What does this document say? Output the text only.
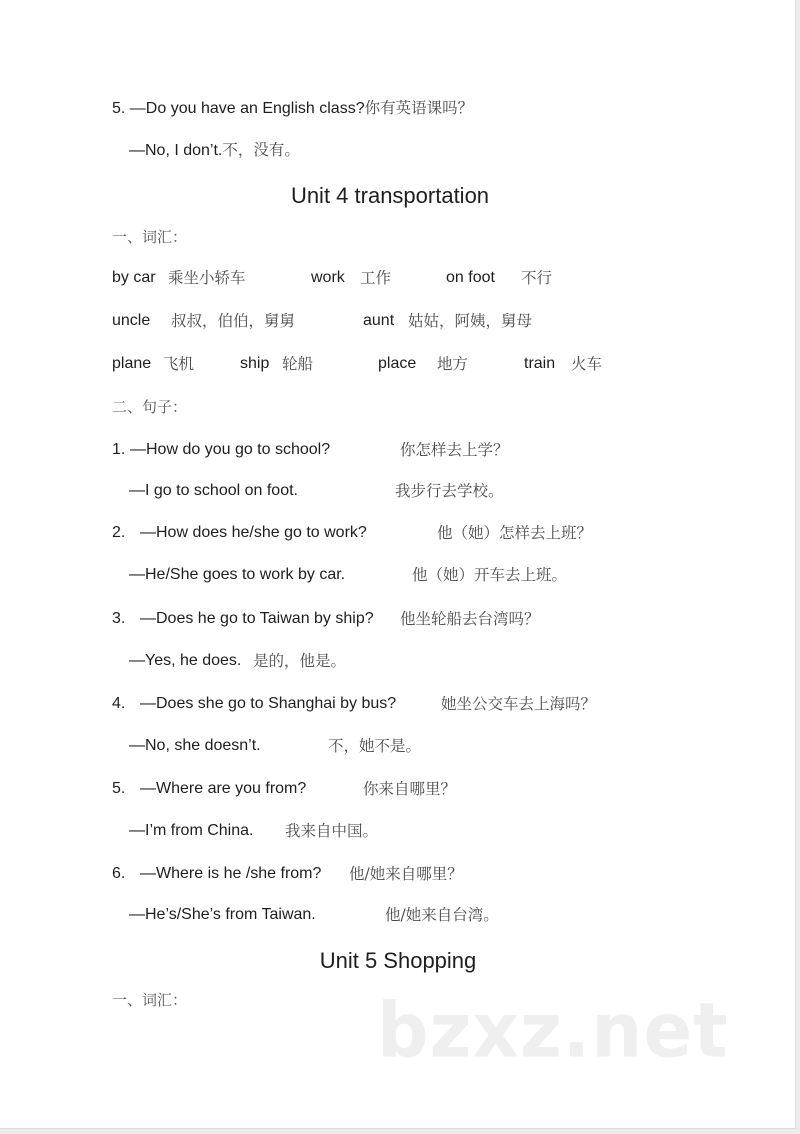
5. —Do you have an English class?你有英语课吗？
—No, I don’t.不，没有。
Unit 4 transportation
一、词汇：
by car 乘坐小轿车	work 工作	on foot 不行
uncle 叔叔，伯伯，舅舅	aunt 姑姑，阿姨，舅母
plane 飞机	ship 轮船	place 地方	train 火车
二、句子：
1. —How do you go to school?	你怎样去上学？
—I go to school on foot.	我步行去学校。
2. —How does he/she go to work?	他（她）怎样去上班？
—He/She goes to work by car.	他（她）开车去上班。
3. —Does he go to Taiwan by ship? 他坐轮船去台湾吗？
—Yes, he does. 是的，他是。
4. —Does she go to Shanghai by bus?	她坐公交车去上海吗？
—No, she doesn’t.	不，她不是。
5. —Where are you from?	你来自哪里？
—I’m from China. 我来自中国。
6. —Where is he /she from? 他/她来自哪里？
—He’s/She’s from Taiwan.	他/她来自台湾。
Unit 5 Shopping
一、词汇：	bzxz.net
